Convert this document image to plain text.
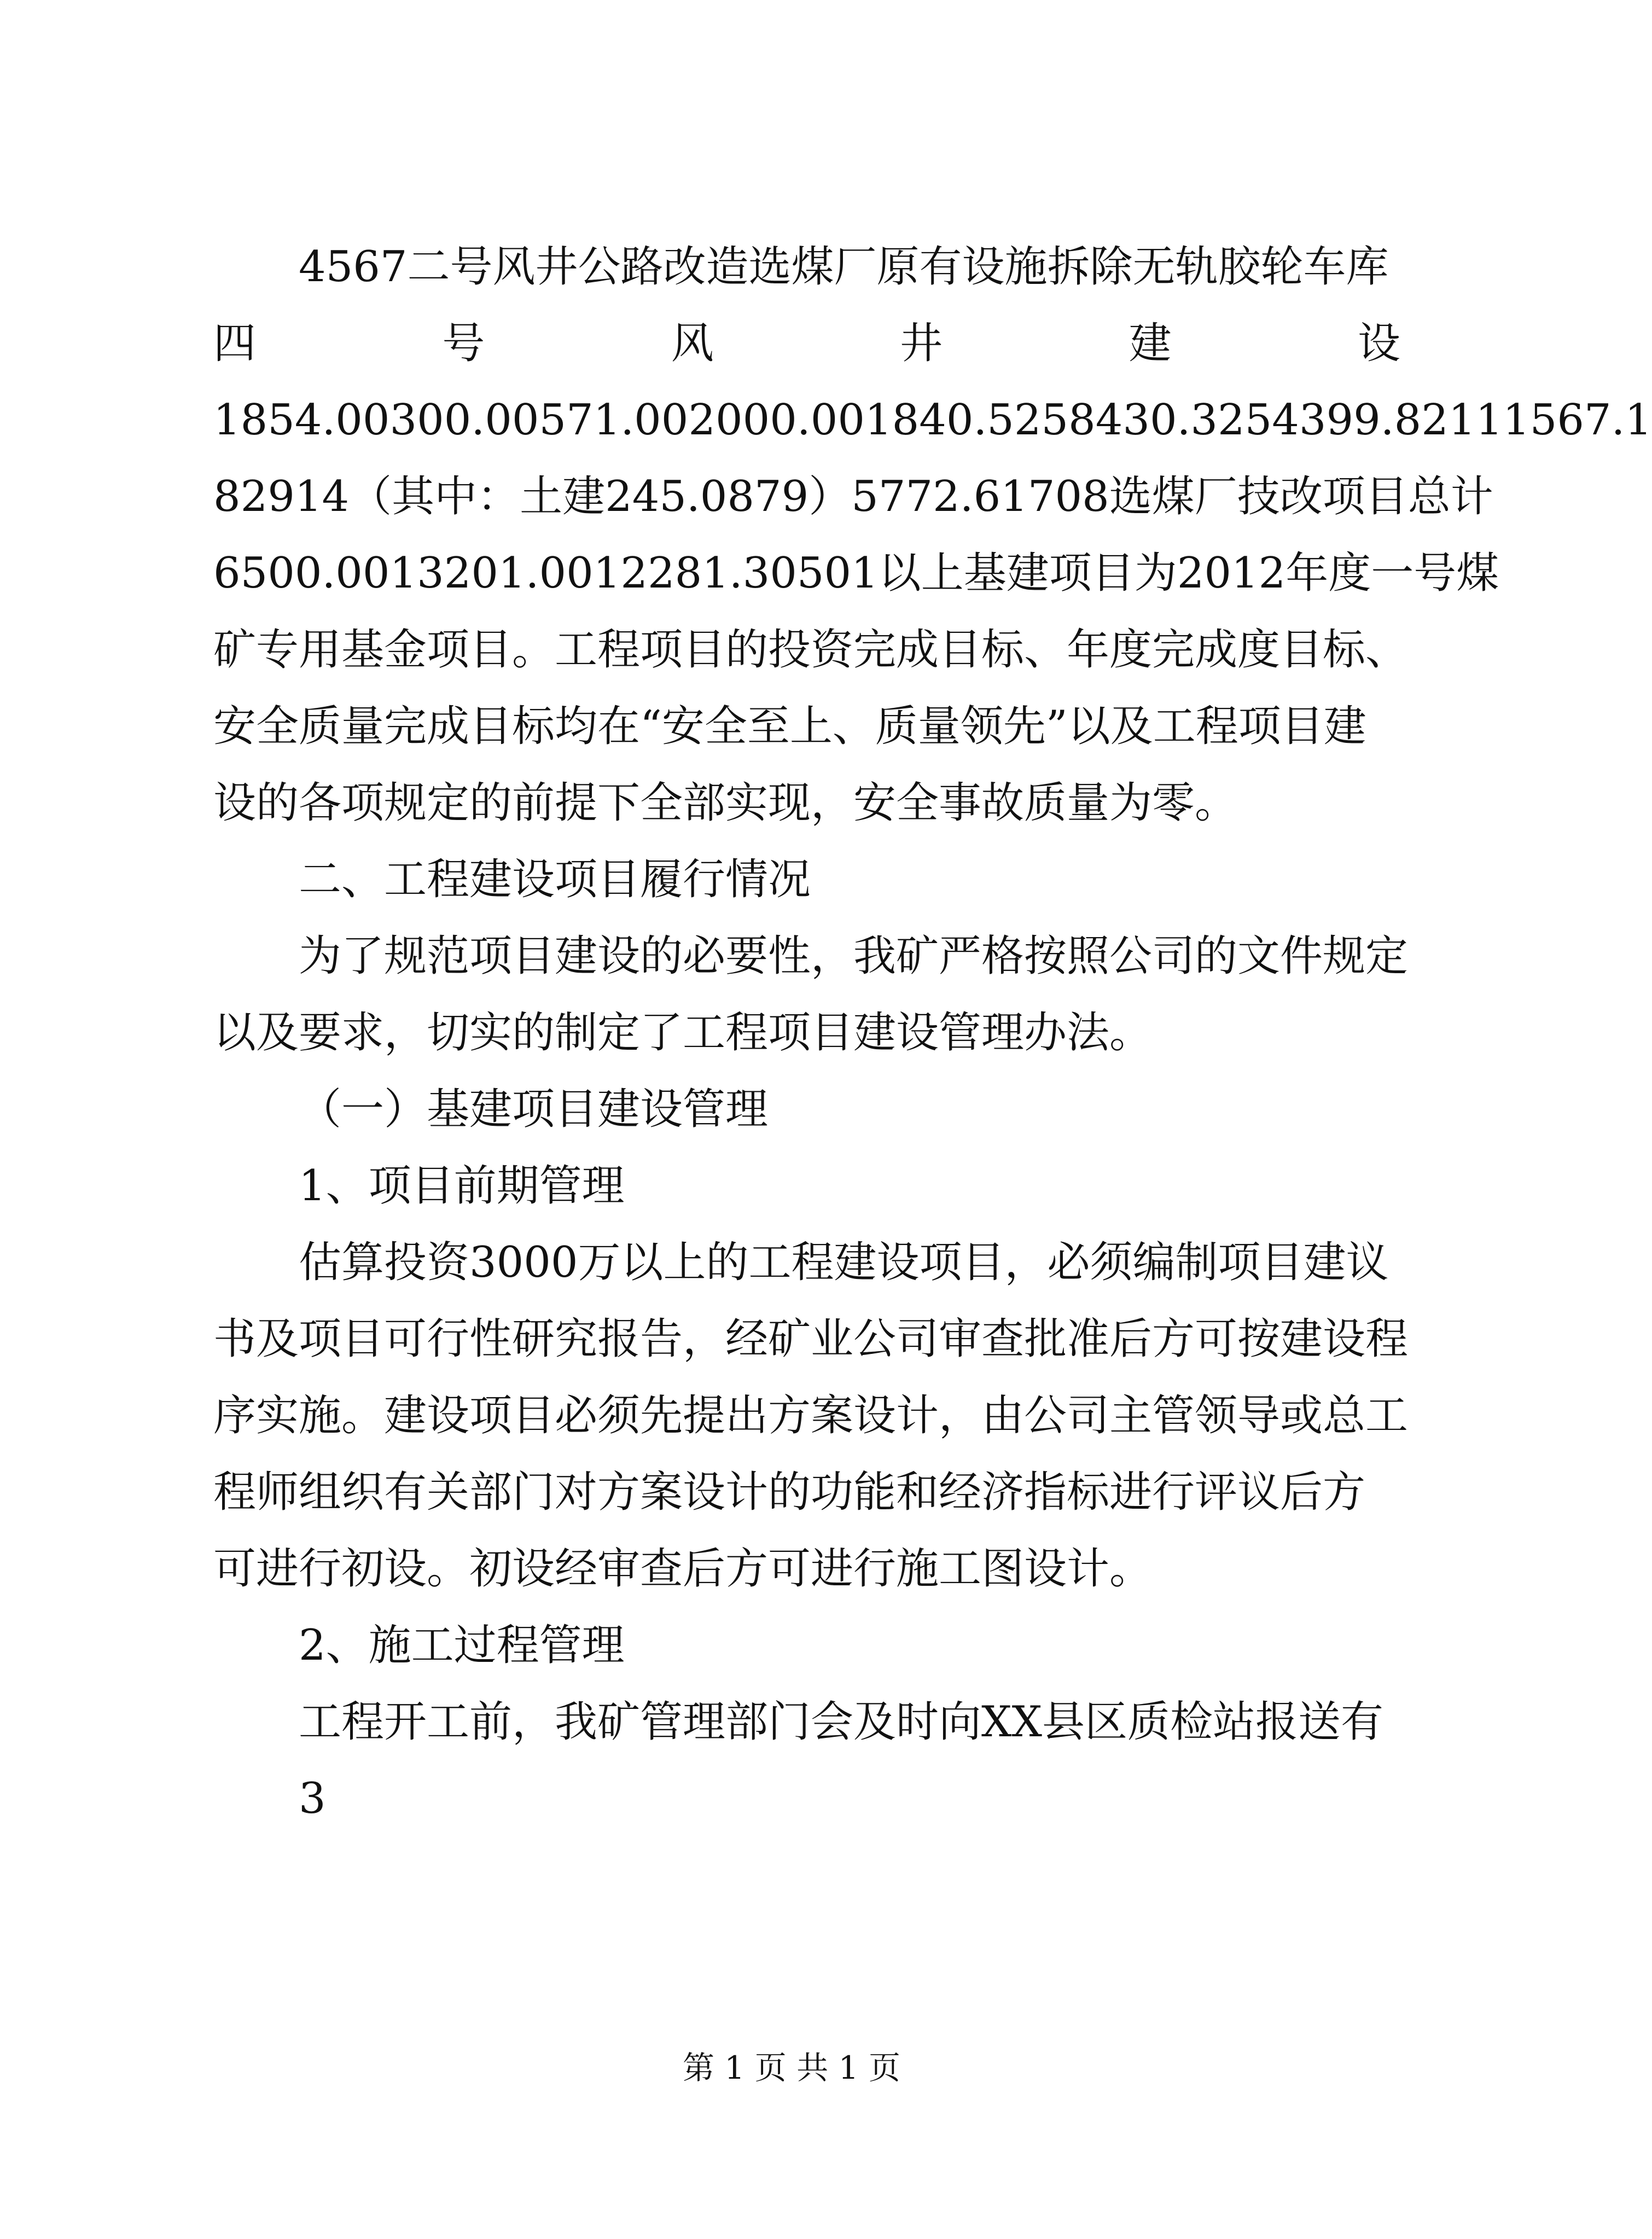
4567二号风井公路改造选煤厂原有设施拆除无轨胶轮车库
四	号	风	井	建	设
1854.00300.00571.002000.001840.5258430.3254399.82111567.1
82914（其中：土建245.0879）5772.61708选煤厂技改项目总计
6500.0013201.0012281.30501以上基建项目为2012年度一号煤
矿专用基金项目。工程项目的投资完成目标、年度完成度目标、
安全质量完成目标均在“安全至上、质量领先”以及工程项目建
设的各项规定的前提下全部实现，安全事故质量为零。
二、工程建设项目履行情况
为了规范项目建设的必要性，我矿严格按照公司的文件规定
以及要求，切实的制定了工程项目建设管理办法。
（一）基建项目建设管理
1、项目前期管理
估算投资3000万以上的工程建设项目，必须编制项目建议
书及项目可行性研究报告，经矿业公司审查批准后方可按建设程
序实施。建设项目必须先提出方案设计，由公司主管领导或总工
程师组织有关部门对方案设计的功能和经济指标进行评议后方
可进行初设。初设经审查后方可进行施工图设计。
2、施工过程管理
工程开工前，我矿管理部门会及时向XX县区质检站报送有
3
第 1 页 共 1 页
